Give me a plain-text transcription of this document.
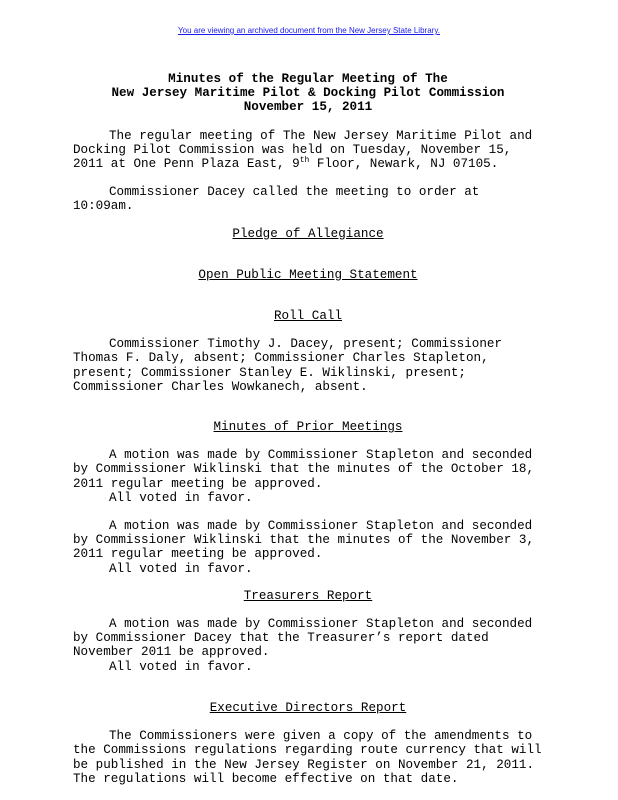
You are viewing an archived document from the New Jersey State Library.

Minutes of the Regular Meeting of The

New Jersey Maritime Pilot & Docking Pilot Commission

November 15, 2011

The regular meeting of The New Jersey Maritime Pilot and Docking Pilot Commission was held on Tuesday, November 15, 2011 at One Penn Plaza East, 9th Floor, Newark, NJ 07105.

Commissioner Dacey called the meeting to order at 10:09am.

Pledge of Allegiance

Open Public Meeting Statement

Roll Call

Commissioner Timothy J. Dacey, present; Commissioner Thomas F. Daly, absent; Commissioner Charles Stapleton, present; Commissioner Stanley E. Wiklinski, present; Commissioner Charles Wowkanech, absent.

Minutes of Prior Meetings

A motion was made by Commissioner Stapleton and seconded by Commissioner Wiklinski that the minutes of the October 18, 2011 regular meeting be approved.

All voted in favor.

A motion was made by Commissioner Stapleton and seconded by Commissioner Wiklinski that the minutes of the November 3, 2011 regular meeting be approved.

All voted in favor.

Treasurers Report

A motion was made by Commissioner Stapleton and seconded by Commissioner Dacey that the Treasurer’s report dated November 2011 be approved.

All voted in favor.

Executive Directors Report

The Commissioners were given a copy of the amendments to the Commissions regulations regarding route currency that will be published in the New Jersey Register on November 21, 2011. The regulations will become effective on that date.
